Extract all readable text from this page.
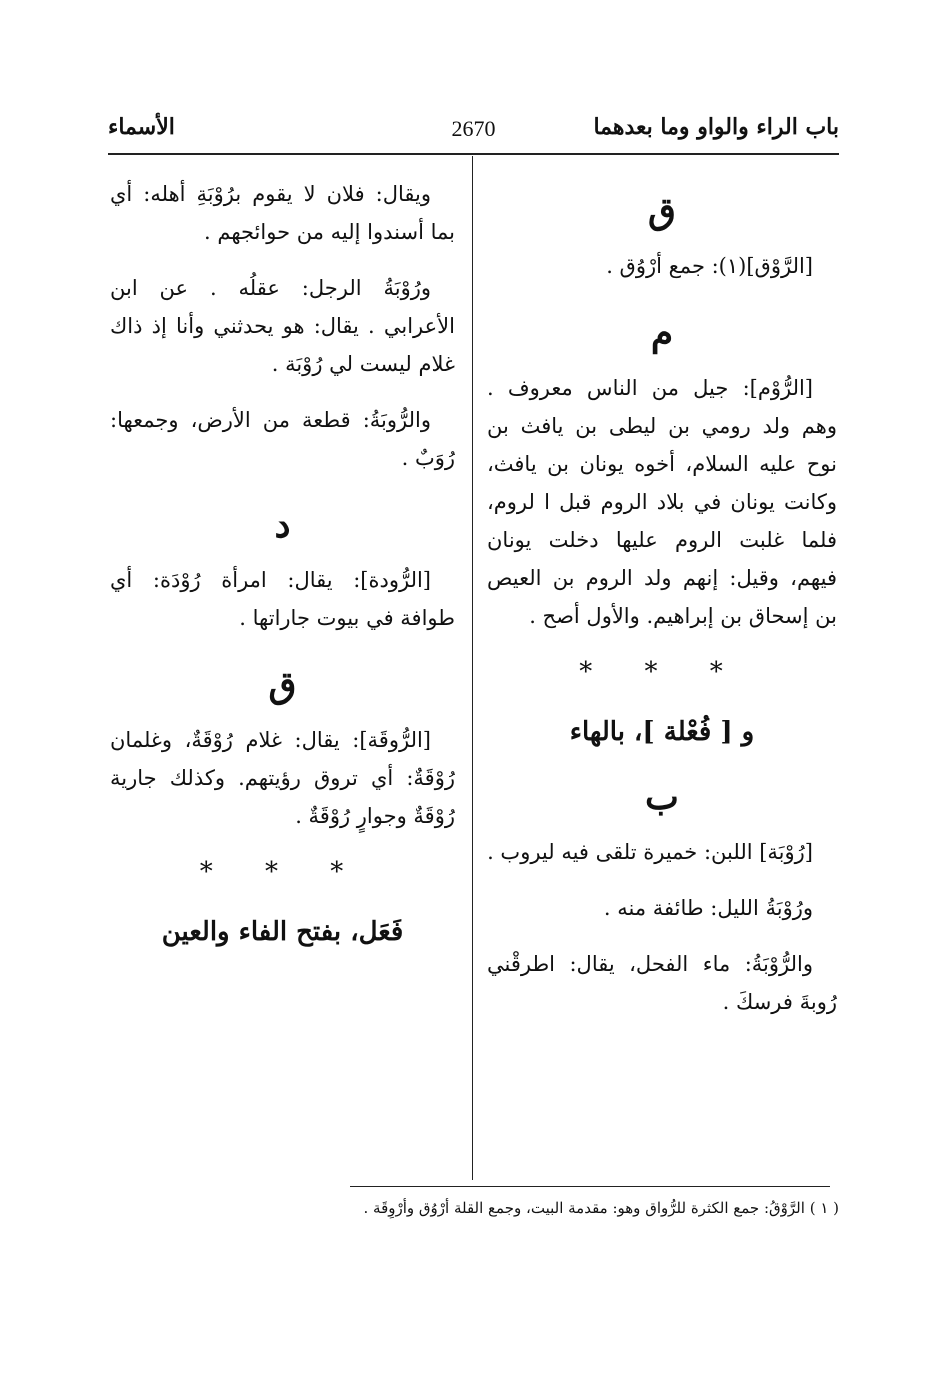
باب الراء والواو وما بعدهما
2670
الأسماء
ق

[الرَّوْق](١): جمع أرْوُق .

م

[الرُّوْم]: جيل من الناس معروف . وهم ولد رومي بن ليطى بن يافث بن نوح عليه السلام، أخوه يونان بن يافث، وكانت يونان في بلاد الروم قبل ا لروم، فلما غلبت الروم عليها دخلت يونان فيهم، وقيل: إنهم ولد الروم بن العيص بن إسحاق بن إبراهيم. والأول أصح .

* * *
و [ فُعْلة ]، بالهاء
ب

[رُوْبَة] اللبن: خميرة تلقى فيه ليروب .

ورُوْبَةُ الليل: طائفة منه .

والرُّوْبَةُ: ماء الفحل، يقال: اطرقْني رُوبةَ فرسكَ .

ويقال: فلان لا يقوم برُوْبَةِ أهله: أي بما أسندوا إليه من حوائجهم .

ورُوْبَةُ الرجل: عقلُه . عن ابن الأعرابي . يقال: هو يحدثني وأنا إذ ذاك غلام ليست لي رُوْبَة .

والرُّوبَةُ: قطعة من الأرض، وجمعها: رُوَبٌ .

د

[الرُّودة]: يقال: امرأة رُوْدَة: أي طوافة في بيوت جاراتها .

ق

[الرُّوقَة]: يقال: غلام رُوْقَةٌ، وغلمان رُوْقَةٌ: أي تروق رؤيتهم. وكذلك جارية رُوْقَةٌ وجوارٍ رُوْقَةٌ .

* * *
فَعَل، بفتح الفاء والعين
( ١ ) الرَّوْقُ: جمع الكثرة للرُّواق وهو: مقدمة البيت، وجمع القلة أرْوُق وأرْوِقَة .
